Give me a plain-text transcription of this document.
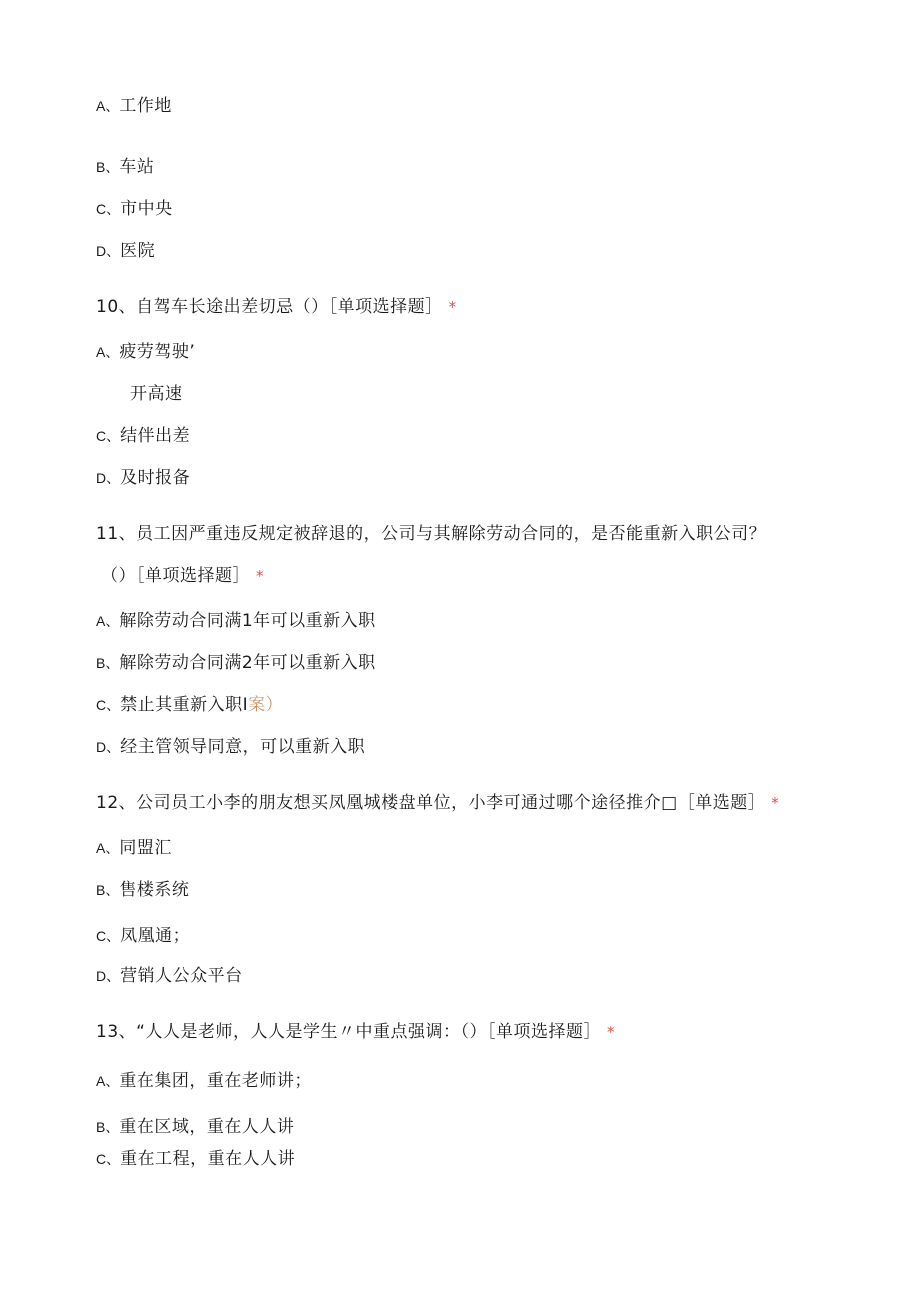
A、工作地
B、车站
C、市中央
D、医院
10、自驾车长途出差切忌（）［单项选择题］ *
A、疲劳驾驶’
开高速
C、结伴出差
D、及时报备
11、员工因严重违反规定被辞退的，公司与其解除劳动合同的，是否能重新入职公司？
（）［单项选择题］ *
A、解除劳动合同满1年可以重新入职
B、解除劳动合同满2年可以重新入职
C、禁止其重新入职I案）
D、经主管领导同意，可以重新入职
12、公司员工小李的朋友想买凤凰城楼盘单位，小李可通过哪个途径推介□［单选题］ *
A、同盟汇
B、售楼系统
C、凤凰通；
D、营销人公众平台
13、“人人是老师，人人是学生〃中重点强调：（）［单项选择题］ *
A、重在集团，重在老师讲；
B、重在区域，重在人人讲
C、重在工程，重在人人讲
